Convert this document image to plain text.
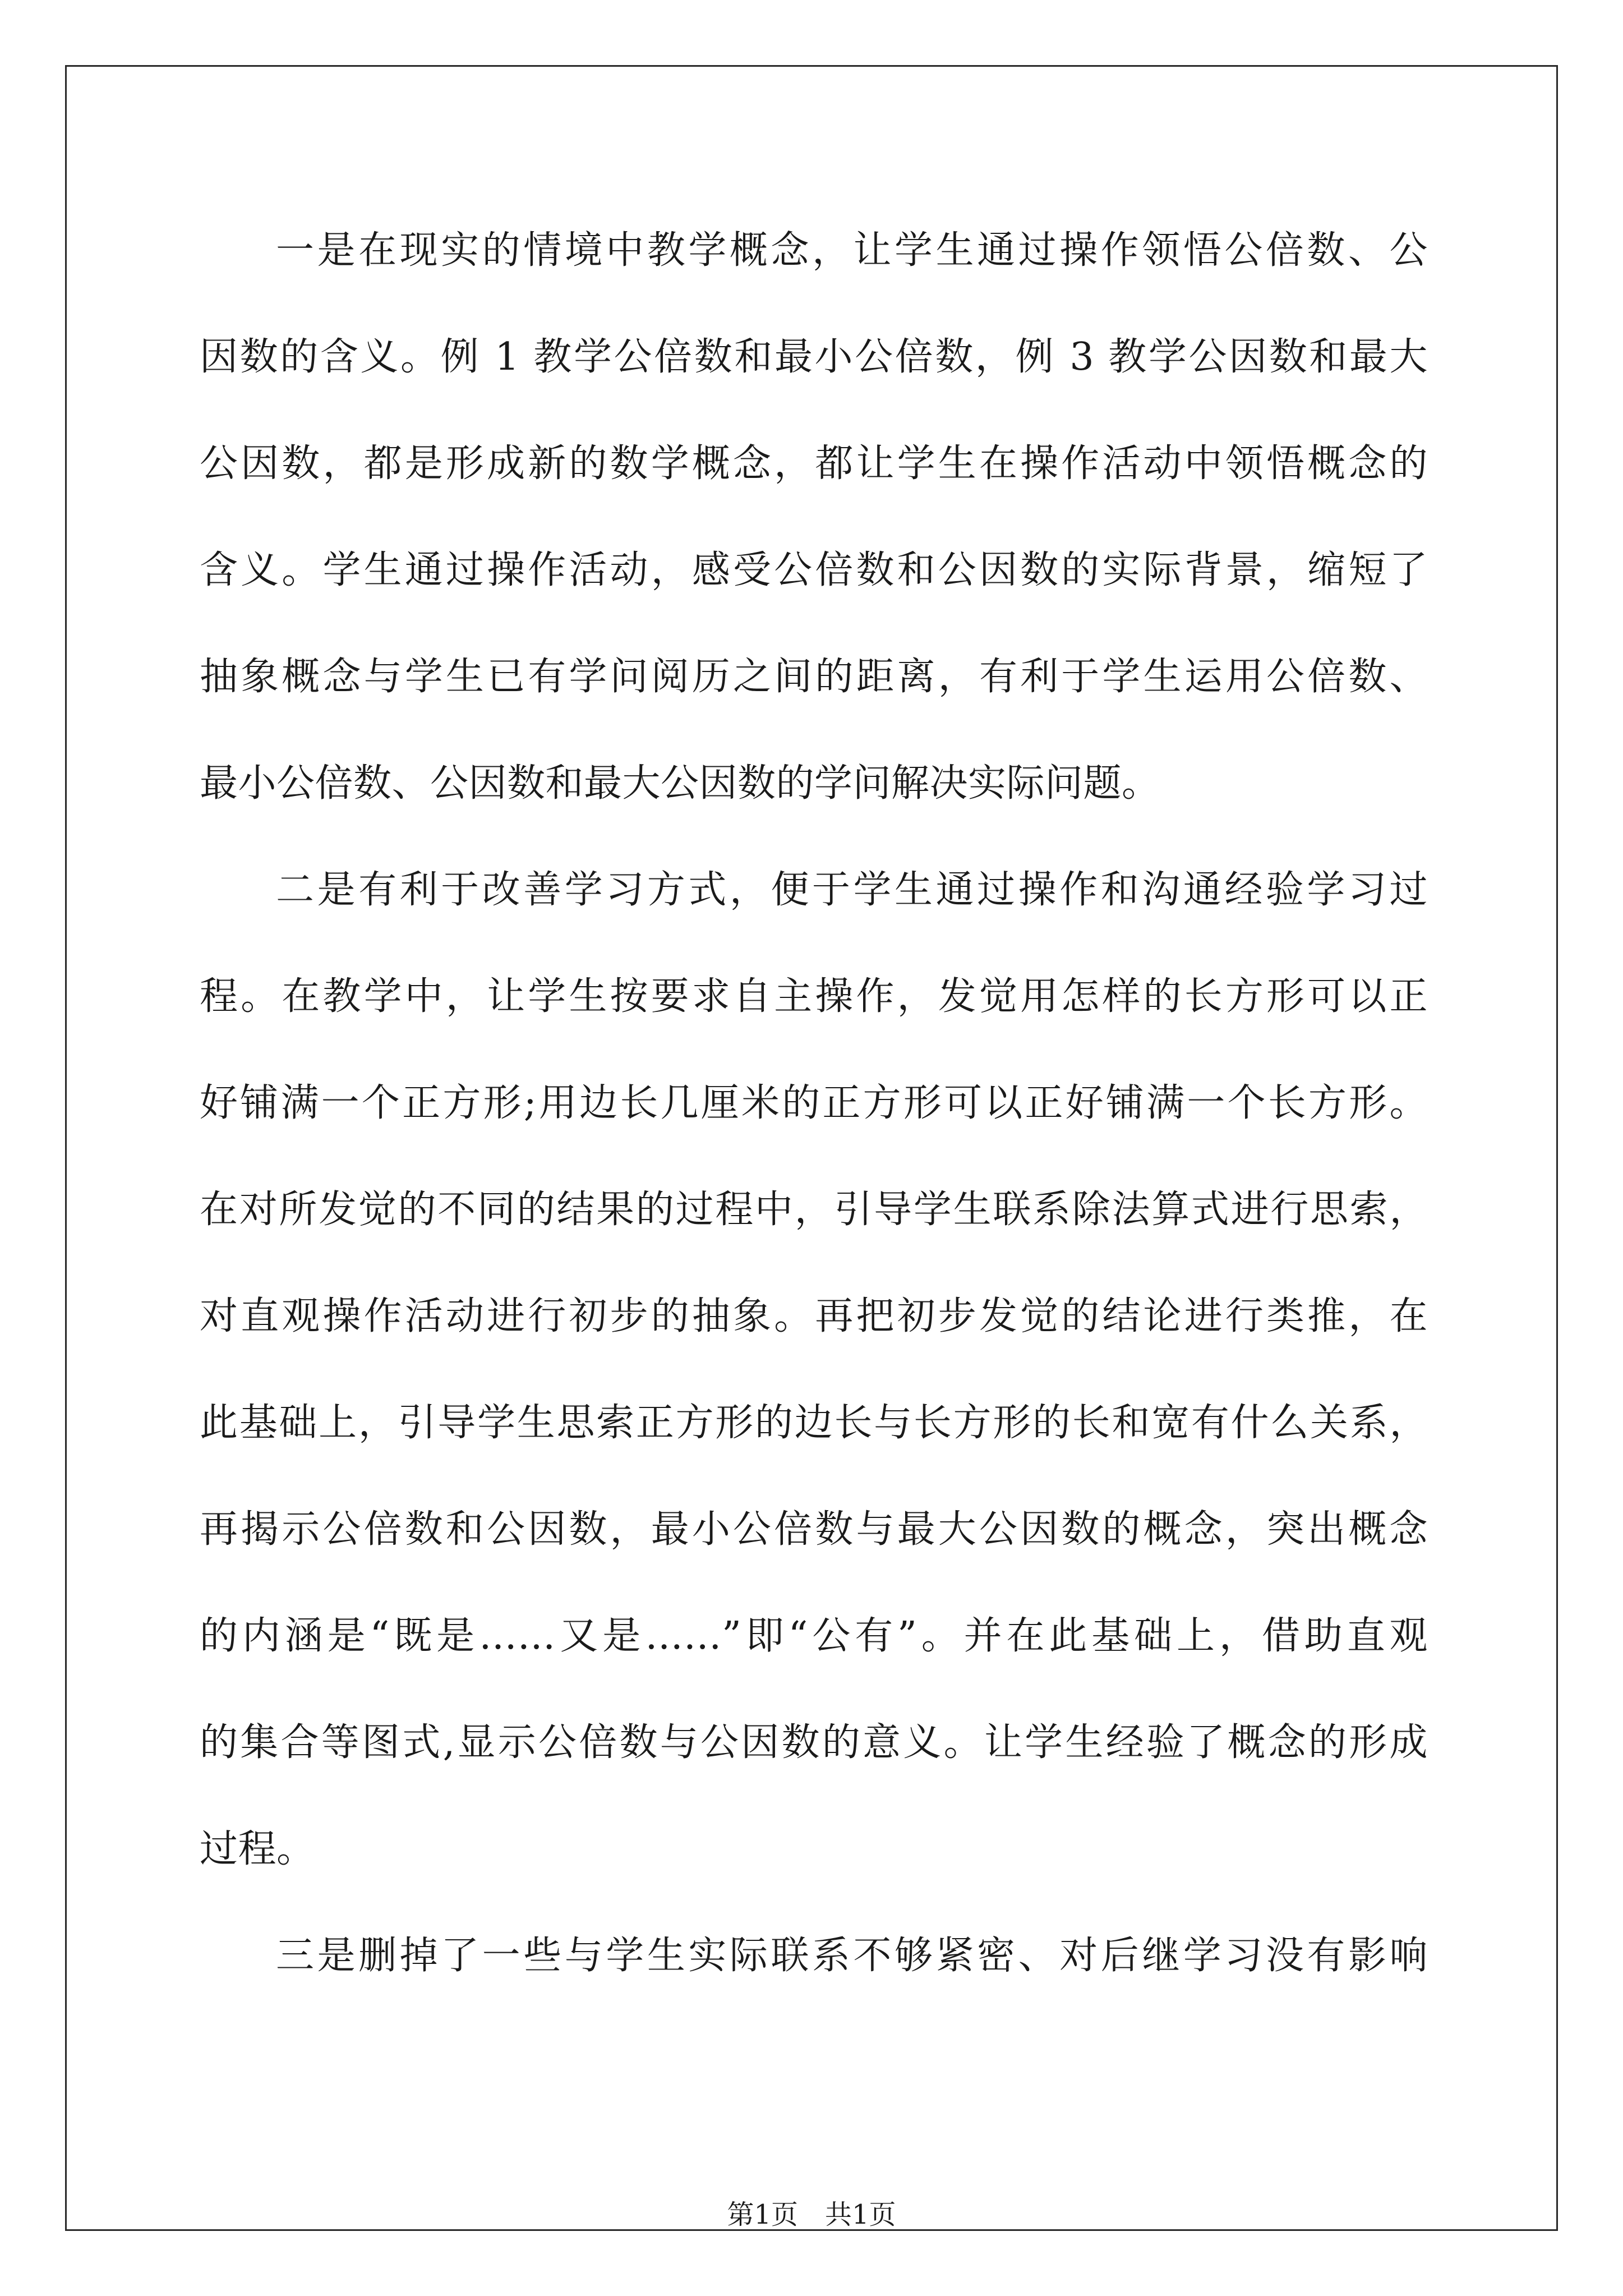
一是在现实的情境中教学概念，让学生通过操作领悟公倍数、公
因数的含义。例 1 教学公倍数和最小公倍数，例 3 教学公因数和最大
公因数，都是形成新的数学概念，都让学生在操作活动中领悟概念的
含义。学生通过操作活动，感受公倍数和公因数的实际背景，缩短了
抽象概念与学生已有学问阅历之间的距离，有利于学生运用公倍数、
最小公倍数、公因数和最大公因数的学问解决实际问题。
二是有利于改善学习方式，便于学生通过操作和沟通经验学习过
程。在教学中，让学生按要求自主操作，发觉用怎样的长方形可以正
好铺满一个正方形;用边长几厘米的正方形可以正好铺满一个长方形。
在对所发觉的不同的结果的过程中，引导学生联系除法算式进行思索，
对直观操作活动进行初步的抽象。再把初步发觉的结论进行类推，在
此基础上，引导学生思索正方形的边长与长方形的长和宽有什么关系，
再揭示公倍数和公因数，最小公倍数与最大公因数的概念，突出概念
的内涵是“既是……又是……”即“公有”。并在此基础上，借助直观
的集合等图式,显示公倍数与公因数的意义。让学生经验了概念的形成
过程。
三是删掉了一些与学生实际联系不够紧密、对后继学习没有影响
第1页　共1页
